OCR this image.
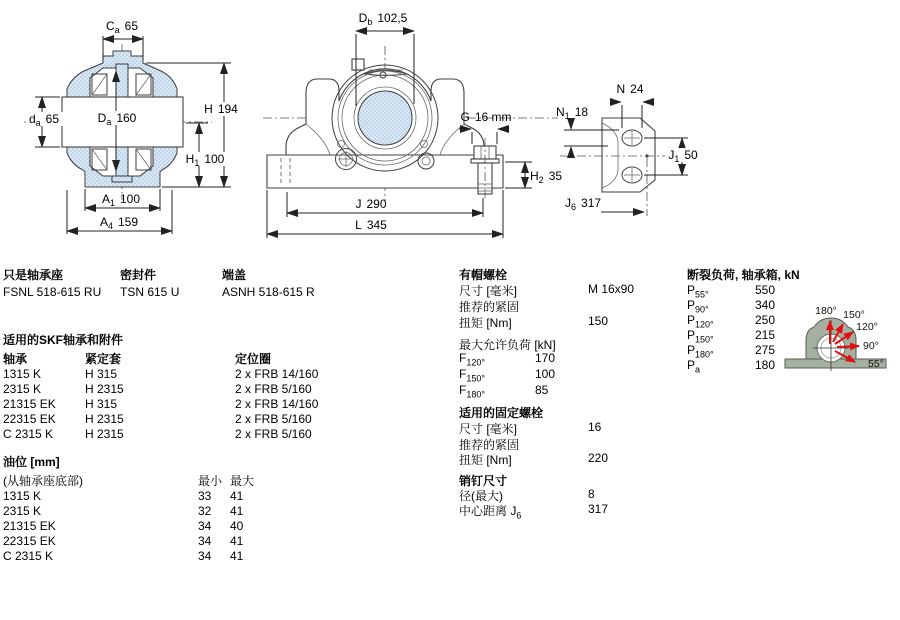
$C_a$ 65
H 194
$d_a$ 65	$D_a$ 160
$H_1$ 100
$A_1$ 100
$A_4$ 159
$D_b$ 102,5
G 16 mm
$H_2$ 35
J 290
L 345
N 24
$N_1$ 18
$J_1$ 50
$J_6$ 317
180° 150°
120°
90°
55°
只是轴承座
FSNL 518-615 RU
密封件
TSN 615 U
端盖
ASNH 518-615 R
适用的SKF轴承和附件
轴承	紧定套	定位圈
1315 K	H 315	2 x FRB 14/160
2315 K	H 2315	2 x FRB 5/160
21315 EK	H 315	2 x FRB 14/160
22315 EK	H 2315	2 x FRB 5/160
C 2315 K	H 2315	2 x FRB 5/160
油位 [mm]
(从轴承座底部)	最小	最大
1315 K	33	41
2315 K	32	41
21315 EK	34	40
22315 EK	34	41
C 2315 K	34	41
有帽螺栓
尺寸 [毫米]	M 16x90
推荐的紧固
扭矩 [Nm]	150
最大允许负荷 [kN]
$F_{120^\circ}$	170
$F_{150^\circ}$	100
$F_{180^\circ}$	85
适用的固定螺栓
尺寸 [毫米]	16
推荐的紧固
扭矩 [Nm]	220
销钉尺寸
径(最大)	8
中心距离 $J_6$	317
断裂负荷, 轴承箱, kN
$P_{55^\circ}$	550
$P_{90^\circ}$	340
$P_{120^\circ}$	250
$P_{150^\circ}$	215
$P_{180^\circ}$	275
$P_a$	180
